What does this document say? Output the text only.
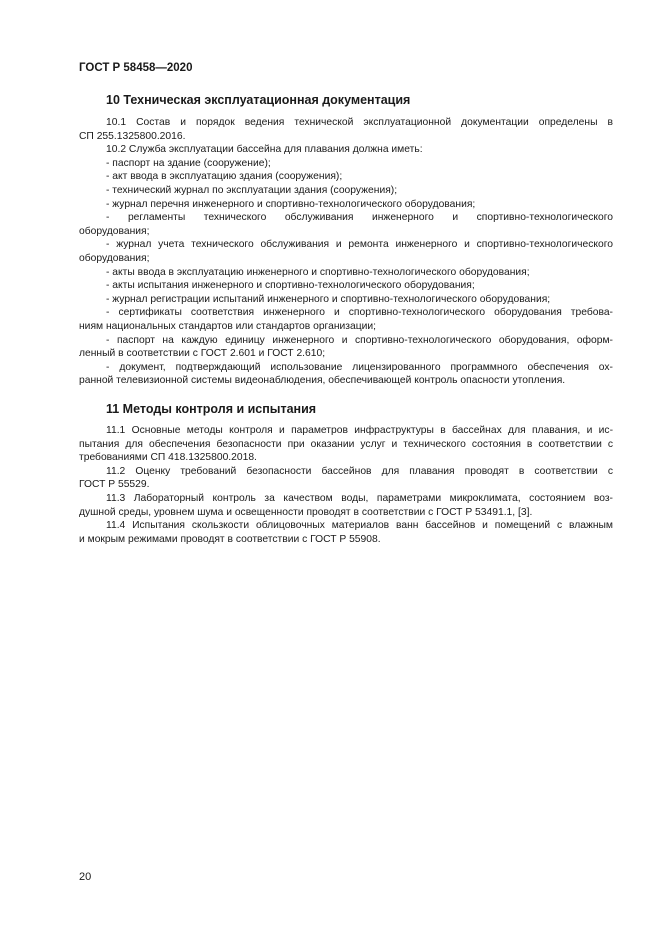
ГОСТ Р 58458—2020
10 Техническая эксплуатационная документация
10.1 Состав и порядок ведения технической эксплуатационной документации определены в
СП 255.1325800.2016.
10.2 Служба эксплуатации бассейна для плавания должна иметь:
- паспорт на здание (сооружение);
- акт ввода в эксплуатацию здания (сооружения);
- технический журнал по эксплуатации здания (сооружения);
- журнал перечня инженерного и спортивно-технологического оборудования;
- регламенты технического обслуживания инженерного и спортивно-технологического
оборудования;
- журнал учета технического обслуживания и ремонта инженерного и спортивно-технологического
оборудования;
- акты ввода в эксплуатацию инженерного и спортивно-технологического оборудования;
- акты испытания инженерного и спортивно-технологического оборудования;
- журнал регистрации испытаний инженерного и спортивно-технологического оборудования;
- сертификаты соответствия инженерного и спортивно-технологического оборудования требова-
ниям национальных стандартов или стандартов организации;
- паспорт на каждую единицу инженерного и спортивно-технологического оборудования, оформ-
ленный в соответствии с ГОСТ 2.601 и ГОСТ 2.610;
- документ, подтверждающий использование лицензированного программного обеспечения ох-
ранной телевизионной системы видеонаблюдения, обеспечивающей контроль опасности утопления.
11 Методы контроля и испытания
11.1 Основные методы контроля и параметров инфраструктуры в бассейнах для плавания, и ис-
пытания для обеспечения безопасности при оказании услуг и технического состояния в соответствии с
требованиями СП 418.1325800.2018.
11.2 Оценку требований безопасности бассейнов для плавания проводят в соответствии с
ГОСТ Р 55529.
11.3 Лабораторный контроль за качеством воды, параметрами микроклимата, состоянием воз-
душной среды, уровнем шума и освещенности проводят в соответствии с ГОСТ Р 53491.1, [3].
11.4 Испытания скользкости облицовочных материалов ванн бассейнов и помещений с влажным
и мокрым режимами проводят в соответствии с ГОСТ Р 55908.
20
